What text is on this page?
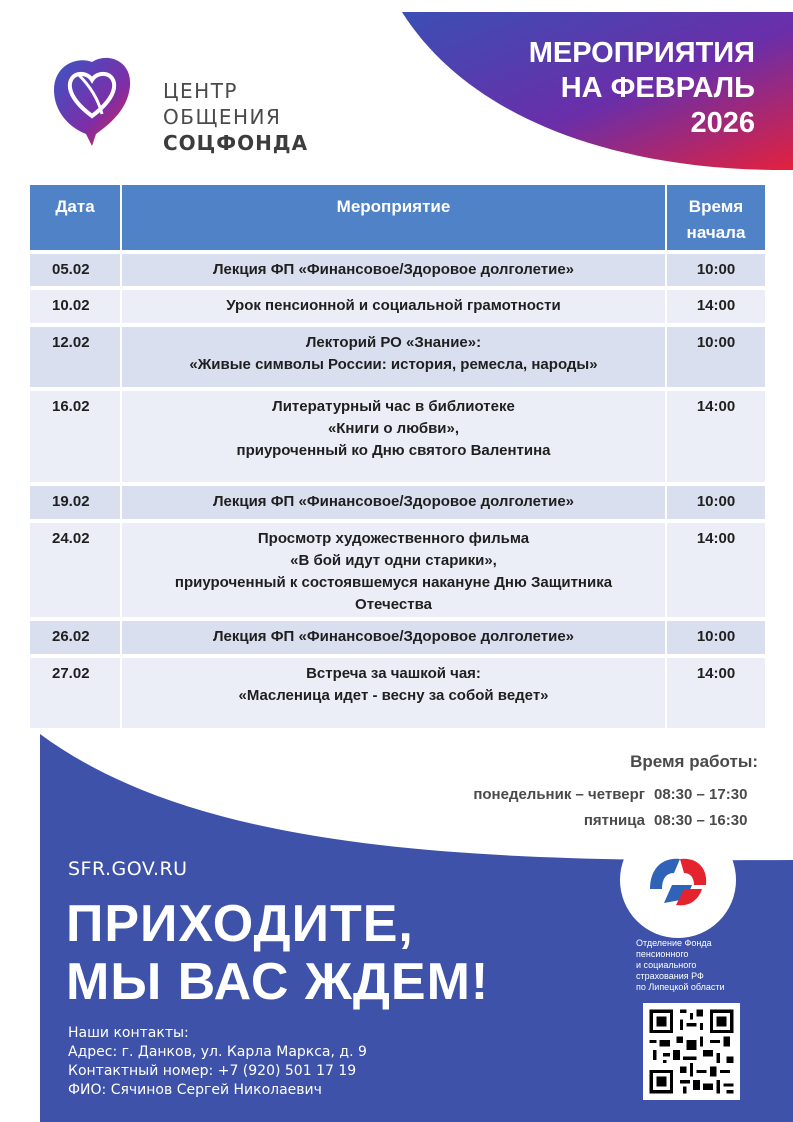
МЕРОПРИЯТИЯ
НА ФЕВРАЛЬ
2026
ЦЕНТР
ОБЩЕНИЯ
СОЦФОНДА
Дата	Мероприятие	Время
начала

05.02	Лекция ФП «Финансовое/Здоровое долголетие»	10:00
10.02	Урок пенсионной и социальной грамотности	14:00
12.02	Лекторий РО «Знание»:
«Живые символы России: история, ремесла, народы»	10:00
16.02	Литературный час в библиотеке
«Книги о любви»,
приуроченный ко Дню святого Валентина	14:00
19.02	Лекция ФП «Финансовое/Здоровое долголетие»	10:00
24.02	Просмотр художественного фильма
«В бой идут одни старики»,
приуроченный к состоявшемуся накануне Дню Защитника
Отечества	14:00
26.02	Лекция ФП «Финансовое/Здоровое долголетие»	10:00
27.02	Встреча за чашкой чая:
«Масленица идет - весну за собой ведет»	14:00
Время работы:
понедельник – четверг 08:30 – 17:30
пятница 08:30 – 16:30
Отделение Фонда
пенсионного
и социального
страхования РФ
по Липецкой области
SFR.GOV.RU
ПРИХОДИТЕ,
МЫ ВАС ЖДЕМ!
Наши контакты:
Адрес: г. Данков, ул. Карла Маркса, д. 9
Контактный номер: +7 (920) 501 17 19
ФИО: Сячинов Сергей Николаевич
